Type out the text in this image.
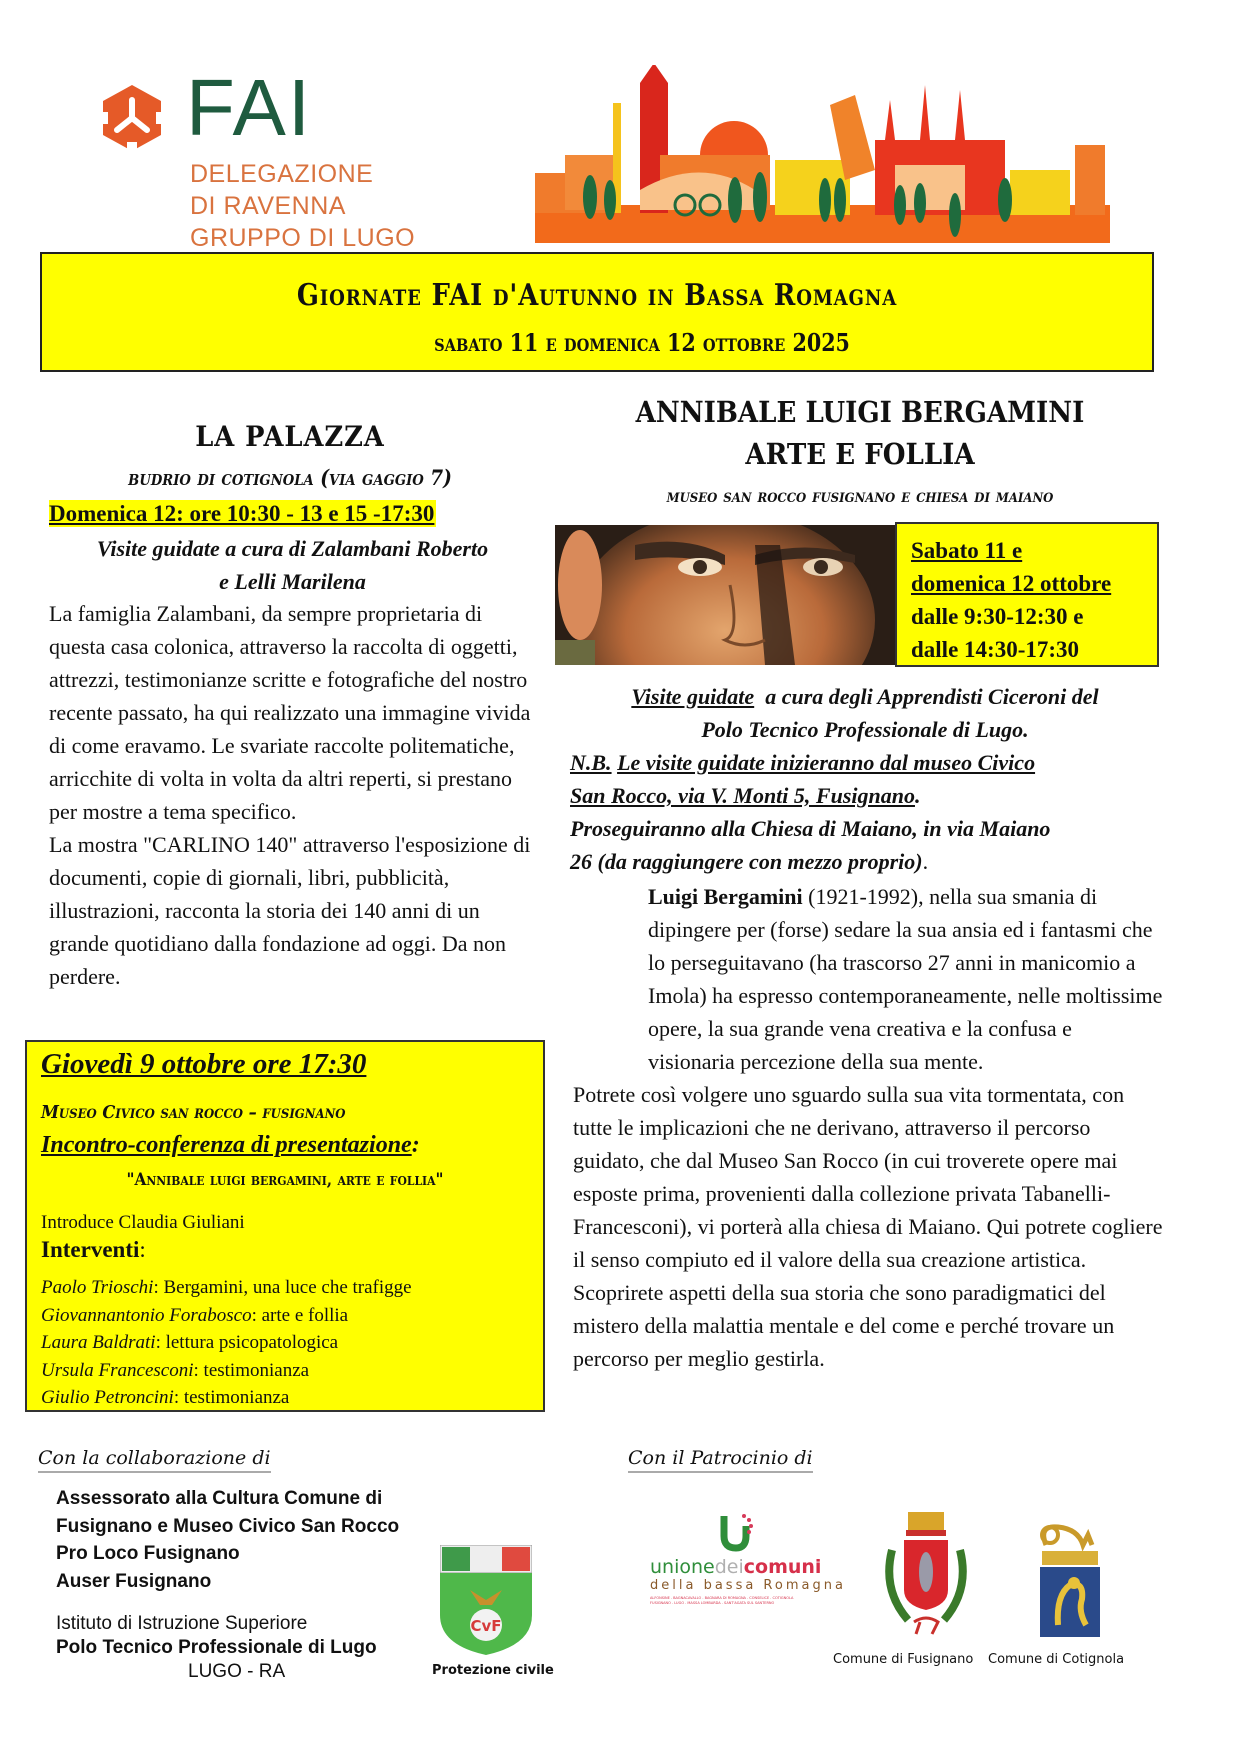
FAI
DELEGAZIONE
DI RAVENNA
GRUPPO DI LUGO
Giornate FAI d'Autunno in Bassa Romagna
sabato 11 e domenica 12 ottobre 2025
LA PALAZZA
budrio di cotignola (via gaggio 7)
Domenica 12: ore 10:30 - 13 e 15 -17:30
Visite guidate a cura di Zalambani Roberto
e Lelli Marilena

La famiglia Zalambani, da sempre proprietaria di questa casa colonica, attraverso la raccolta di oggetti, attrezzi, testimonianze scritte e fotografiche del nostro recente passato, ha qui realizzato una immagine vivida di come eravamo. Le svariate raccolte politematiche, arricchite di volta in volta da altri reperti, si prestano per mostre a tema specifico.

La mostra "CARLINO 140" attraverso l'esposizione di documenti, copie di giornali, libri, pubblicità, illustrazioni, racconta la storia dei 140 anni di un grande quotidiano dalla fondazione ad oggi. Da non perdere.

Giovedì 9 ottobre ore 17:30
Museo Civico san rocco – fusignano
Incontro-conferenza di presentazione:
"Annibale luigi bergamini, arte e follia"
Introduce Claudia Giuliani
Interventi:
Paolo Trioschi: Bergamini, una luce che trafigge
Giovannantonio Forabosco: arte e follia
Laura Baldrati: lettura psicopatologica
Ursula Francesconi: testimonianza
Giulio Petroncini: testimonianza
ANNIBALE LUIGI BERGAMINI
ARTE E FOLLIA
museo san rocco fusignano e chiesa di maiano
Sabato 11 e
domenica 12 ottobre
dalle 9:30-12:30 e
dalle 14:30-17:30

Visite guidate  a cura degli Apprendisti Ciceroni del

Polo Tecnico Professionale di Lugo.

N.B. Le visite guidate inizieranno dal museo Civico

San Rocco, via V. Monti 5, Fusignano.

Proseguiranno alla Chiesa di Maiano, in via Maiano

26 (da raggiungere con mezzo proprio).

Luigi Bergamini (1921-1992), nella sua smania di dipingere per (forse) sedare la sua ansia ed i fantasmi che lo perseguitavano (ha trascorso 27 anni in manicomio a Imola) ha espresso contemporaneamente, nelle moltissime opere, la sua grande vena creativa e la confusa e visionaria percezione della sua mente.

Potrete così volgere uno sguardo sulla sua vita tormentata, con tutte le implicazioni che ne derivano, attraverso il percorso guidato, che dal Museo San Rocco (in cui troverete opere mai esposte prima, provenienti dalla collezione privata Tabanelli-Francesconi), vi porterà alla chiesa di Maiano. Qui potrete cogliere il senso compiuto ed il valore della sua creazione artistica. Scoprirete aspetti della sua storia che sono paradigmatici del mistero della malattia mentale e del come e perché trovare un percorso per meglio gestirla.

Con la collaborazione di
Assessorato alla Cultura Comune di
Fusignano e Museo Civico San Rocco
Pro Loco Fusignano
Auser Fusignano
Istituto di Istruzione Superiore
Polo Tecnico Professionale di Lugo
LUGO - RA
CvF
Protezione civile
Con il Patrocinio di
unionedeicomuni
della bassa Romagna
ALFONSINE . BAGNACAVALLO . BAGNARA DI ROMAGNA . CONSELICE . COTIGNOLA
FUSIGNANO . LUGO . MASSA LOMBARDA . SANT'AGATA SUL SANTERNO
Comune di Fusignano Comune di Cotignola
